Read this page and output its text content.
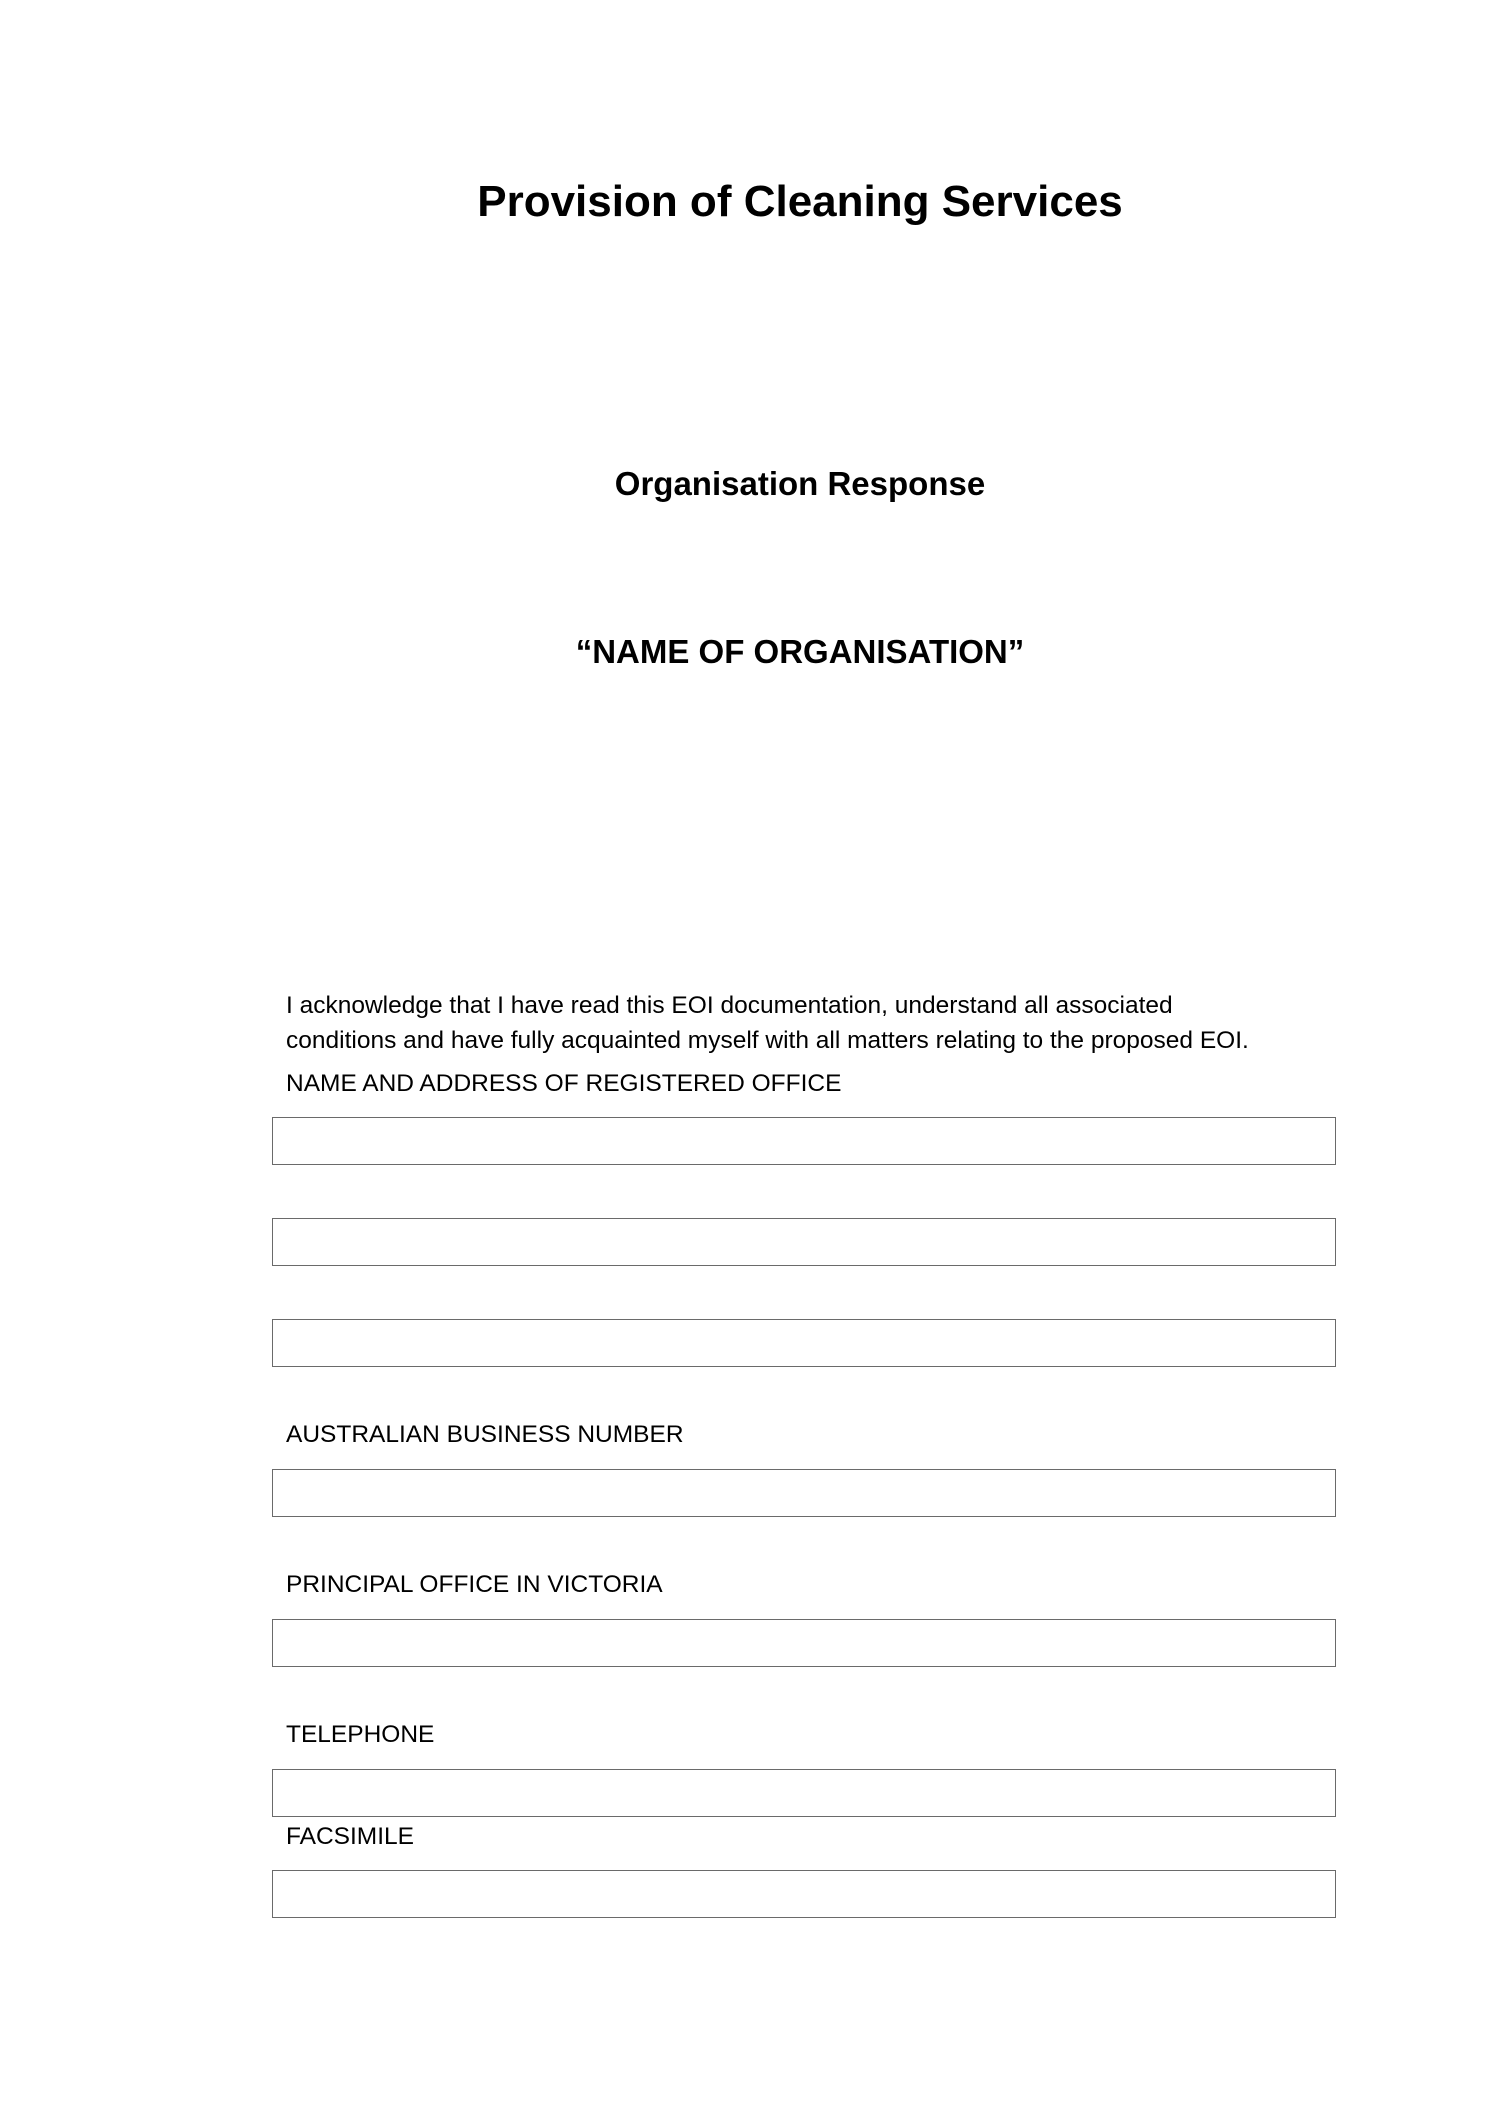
Provision of Cleaning Services
Organisation Response
“NAME OF ORGANISATION”
I acknowledge that I have read this EOI documentation, understand all associated
conditions and have fully acquainted myself with all matters relating to the proposed EOI.
NAME AND ADDRESS OF REGISTERED OFFICE
AUSTRALIAN BUSINESS NUMBER
PRINCIPAL OFFICE IN VICTORIA
TELEPHONE
FACSIMILE
